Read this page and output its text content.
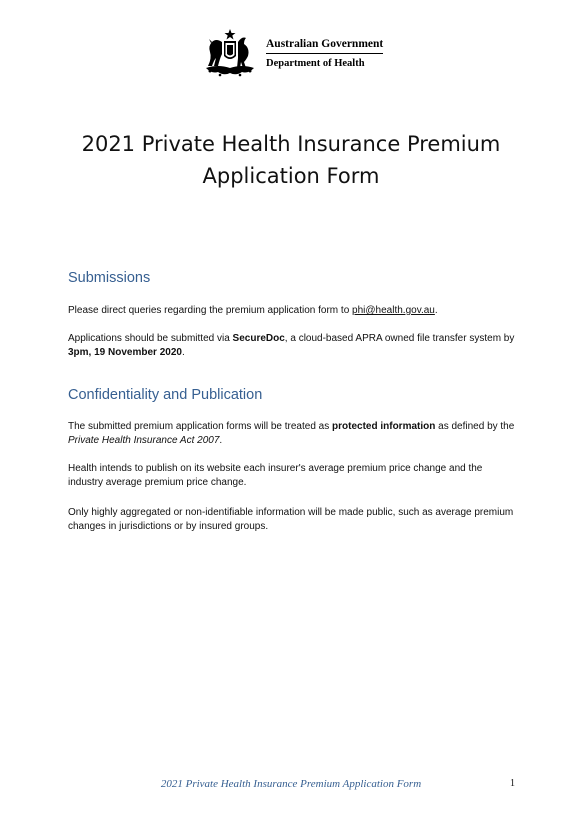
Australian Government
Department of Health
2021 Private Health Insurance Premium
Application Form
Submissions
Please direct queries regarding the premium application form to phi@health.gov.au.
Applications should be submitted via SecureDoc, a cloud-based APRA owned file transfer system by 3pm, 19 November 2020.
Confidentiality and Publication
The submitted premium application forms will be treated as protected information as defined by the Private Health Insurance Act 2007.
Health intends to publish on its website each insurer's average premium price change and the industry average premium price change.
Only highly aggregated or non-identifiable information will be made public, such as average premium changes in jurisdictions or by insured groups.
2021 Private Health Insurance Premium Application Form	1
